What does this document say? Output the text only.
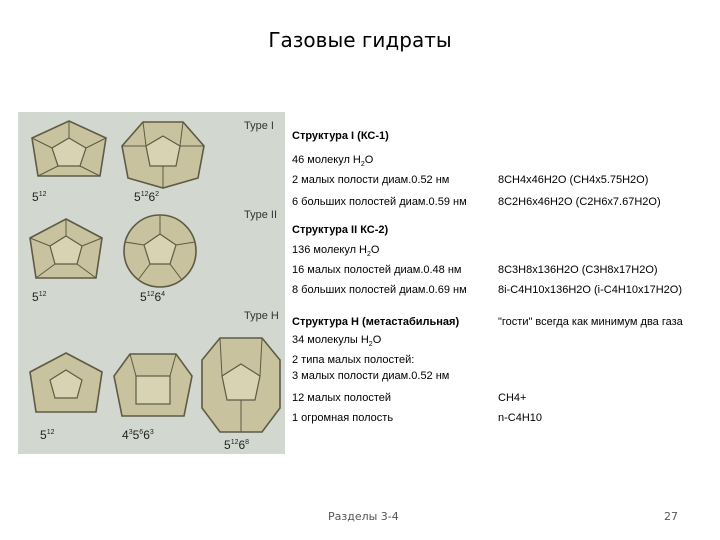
Газовые гидраты
Type I
$5^{12}$	$5^{12}6^2$
Type II
$5^{12}$	$5^{12}6^4$
Type H
$5^{12}$	$4^35^66^3$
$5^{12}6^8$
Структура I (КС-1)
46 молекул $H_2O$
2 малых полости диам.0.52 нм	8CH4x46H2O (CH4x5.75H2O)
6 больших полостей диам.0.59 нм	8C2H6x46H2O (C2H6x7.67H2O)
Структура II КС-2)
136 молекул $H_2O$
16 малых полостей диам.0.48 нм	8C3H8x136H2O (C3H8x17H2O)
8 больших полостей диам.0.69 нм	8i-C4H10x136H2O (i-C4H10x17H2O)
Структура H (метастабильная)	"гости" всегда как минимум два газа
34 молекулы $H_2O$
2 типа малых полостей:
3 малых полости диам.0.52 нм
12 малых полостей	CH4+
1 огромная полость	n-C4H10
Разделы 3-4	27
